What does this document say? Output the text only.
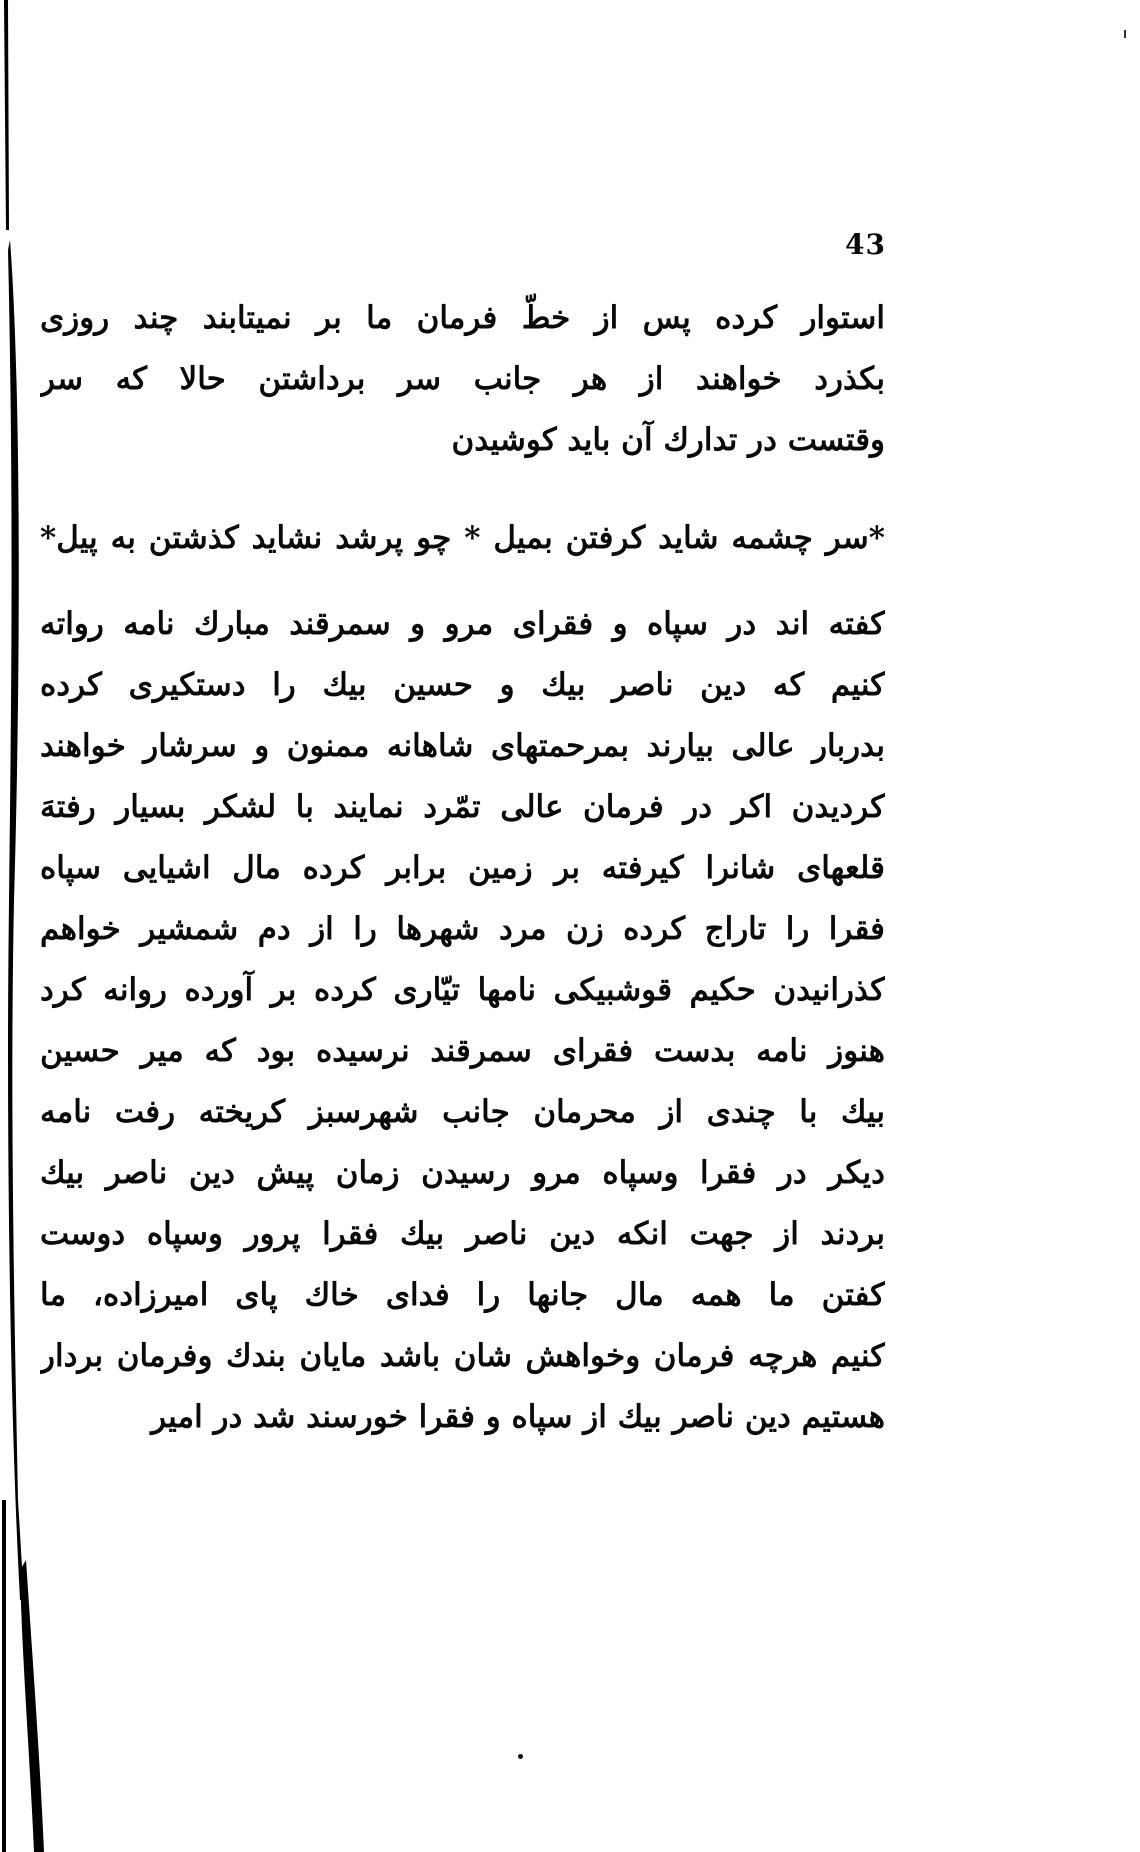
43
استوار کرده پس از خطّ فرمان ما بر نمیتابند چند روزی
بکذرد خواهند از هر جانب سر برداشتن حالا که سر
وقتست در تدارك آن باید کوشیدن
*سر چشمه شاید کرفتن بمیل * چو پرشد نشاید کذشتن به پیل*
کفته اند در سپاه و فقرای مرو و سمرقند مبارك نامه رواته
کنیم که دین ناصر بیك و حسین بیك را دستکیری کرده
بدربار عالی بیارند بمرحمتهای شاهانه ممنون و سرشار خواهند
کردیدن اکر در فرمان عالی تمّرد نمایند با لشکر بسیار رفتهَ
قلعهای شانرا کیرفته بر زمین برابر کرده مال اشیایی سپاه
فقرا را تاراج کرده زن مرد شهرها را از دم شمشیر خواهم
کذرانیدن حکیم قوشبیکی نامها تیّاری کرده بر آورده روانه کرد
هنوز نامه بدست فقرای سمرقند نرسیده بود که میر حسین
بیك با چندی از محرمان جانب شهرسبز کریخته رفت نامه
دیکر در فقرا وسپاه مرو رسیدن زمان پیش دین ناصر بیك
بردند از جهت انکه دین ناصر بیك فقرا پرور وسپاه دوست
کفتن ما همه مال جانها را فدای خاك پای امیرزاده، ما
کنیم هرچه فرمان وخواهش شان باشد مایان بندك وفرمان بردار
هستیم دین ناصر بیك از سپاه و فقرا خورسند شد در امیر
